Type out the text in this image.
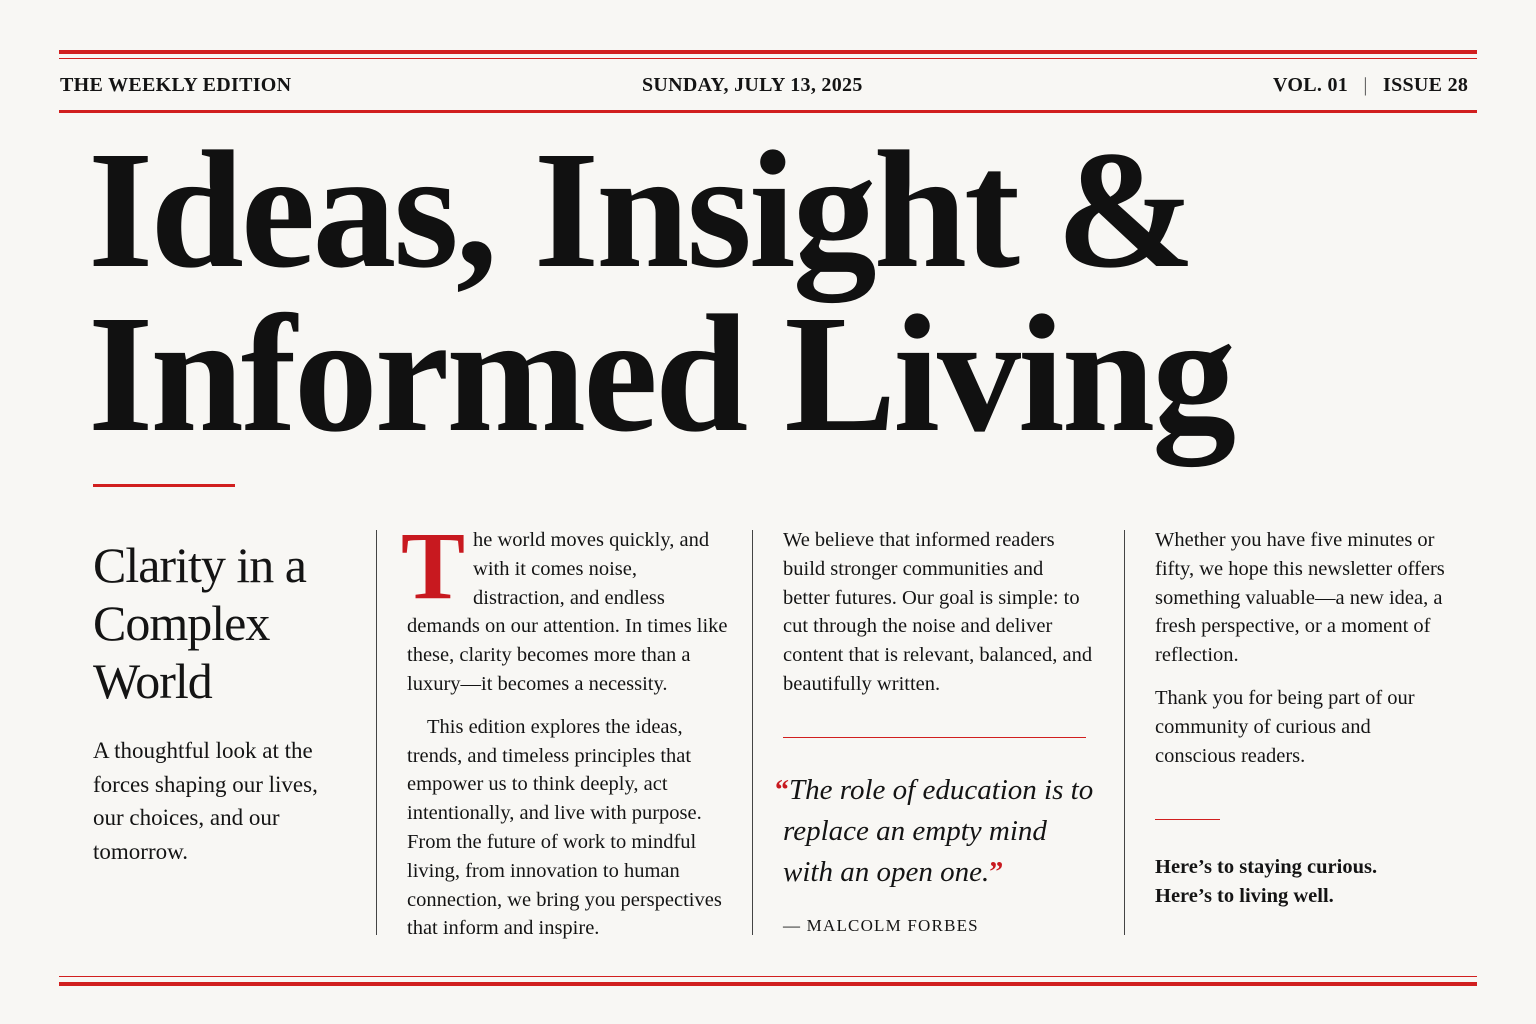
THE WEEKLY EDITION	SUNDAY, JULY 13, 2025	VOL. 01 | ISSUE 28
Ideas, Insight &
Informed Living
Clarity in a
Complex
World

A thoughtful look at the forces shaping our lives, our choices, and our tomorrow.

The world moves quickly, and with it comes noise, distraction, and endless demands on our attention. In times like these, clarity becomes more than a luxury—it becomes a necessity.

This edition explores the ideas, trends, and timeless principles that empower us to think deeply, act intentionally, and live with purpose. From the future of work to mindful living, from innovation to human connection, we bring you perspectives that inform and inspire.

We believe that informed readers build stronger communities and better futures. Our goal is simple: to cut through the noise and deliver content that is relevant, balanced, and beautifully written.

“The role of education is to replace an empty mind with an open one.”
— MALCOLM FORBES

Whether you have five minutes or fifty, we hope this newsletter offers something valuable—a new idea, a fresh perspective, or a moment of reflection.

Thank you for being part of our community of curious and conscious readers.

Here’s to staying curious.
Here’s to living well.
